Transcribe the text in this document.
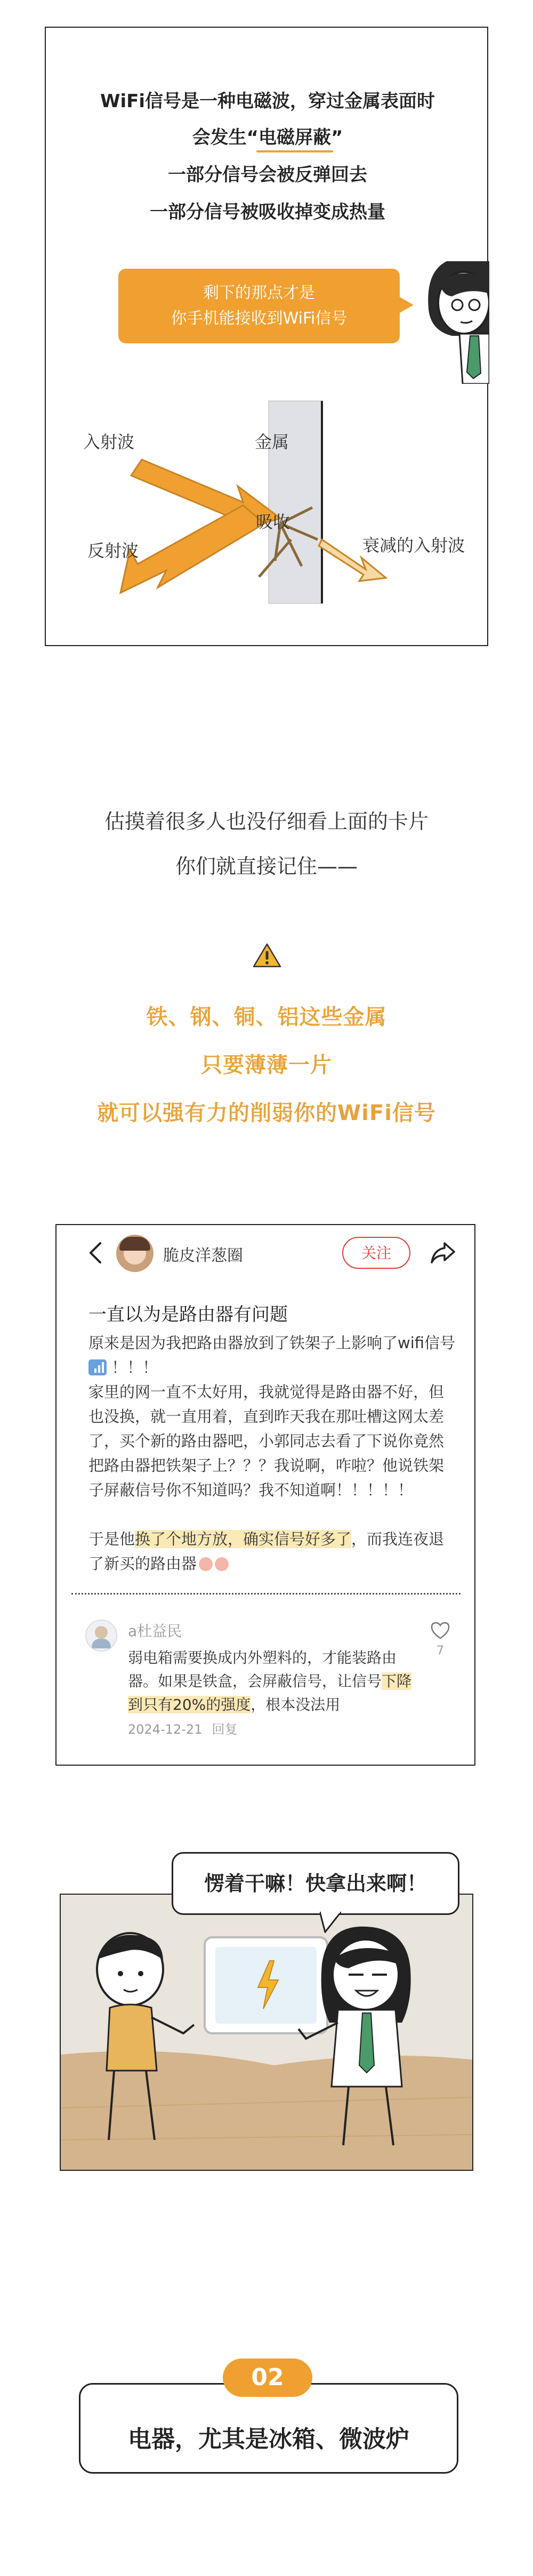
WiFi信号是一种电磁波，穿过金属表面时
会发生“电磁屏蔽”
一部分信号会被反弹回去
一部分信号被吸收掉变成热量
剩下的那点才是
你手机能接收到WiFi信号
入射波	金属
吸收
反射波	衰减的入射波
估摸着很多人也没仔细看上面的卡片
你们就直接记住——
铁、钢、铜、铝这些金属
只要薄薄一片
就可以强有力的削弱你的WiFi信号
脆皮洋葱圈	关注
一直以为是路由器有问题
原来是因为我把路由器放到了铁架子上影响了wifi信号
！！！
家里的网一直不太好用，我就觉得是路由器不好，但也没换，就一直用着，直到昨天我在那吐槽这网太差了，买个新的路由器吧，小郭同志去看了下说你竟然把路由器把铁架子上？？？我说啊，咋啦？他说铁架子屏蔽信号你不知道吗？我不知道啊！！！！！
于是他换了个地方放，确实信号好多了，而我连夜退了新买的路由器
a杜益民
弱电箱需要换成内外塑料的，才能装路由器。如果是铁盒，会屏蔽信号，让信号下降到只有20%的强度，根本没法用
2024-12-21 回复
7
愣着干嘛！快拿出来啊！
电器，尤其是冰箱、微波炉
02
